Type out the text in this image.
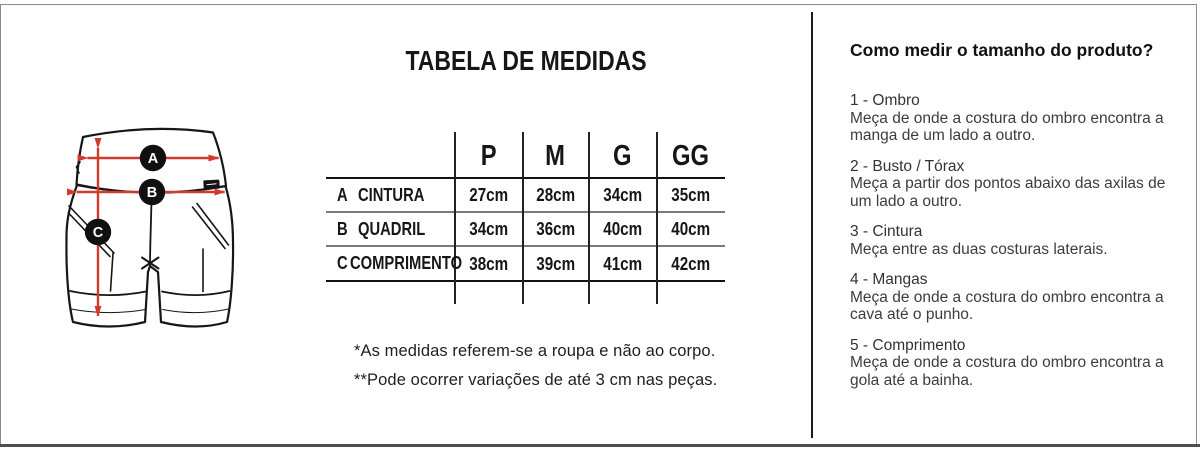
A
B
C
TABELA DE MEDIDAS
P M G GG
A CINTURA 27cm 28cm 34cm 35cm
B QUADRIL 34cm 36cm 40cm 40cm
C COMPRIMENTO 38cm 39cm 41cm 42cm
*As medidas referem-se a roupa e não ao corpo.
**Pode ocorrer variações de até 3 cm nas peças.
Como medir o tamanho do produto?
1 - Ombro
Meça de onde a costura do ombro encontra a manga de um lado a outro.
2 - Busto / Tórax
Meça a partir dos pontos abaixo das axilas de um lado a outro.
3 - Cintura
Meça entre as duas costuras laterais.
4 - Mangas
Meça de onde a costura do ombro encontra a cava até o punho.
5 - Comprimento
Meça de onde a costura do ombro encontra a gola até a bainha.
